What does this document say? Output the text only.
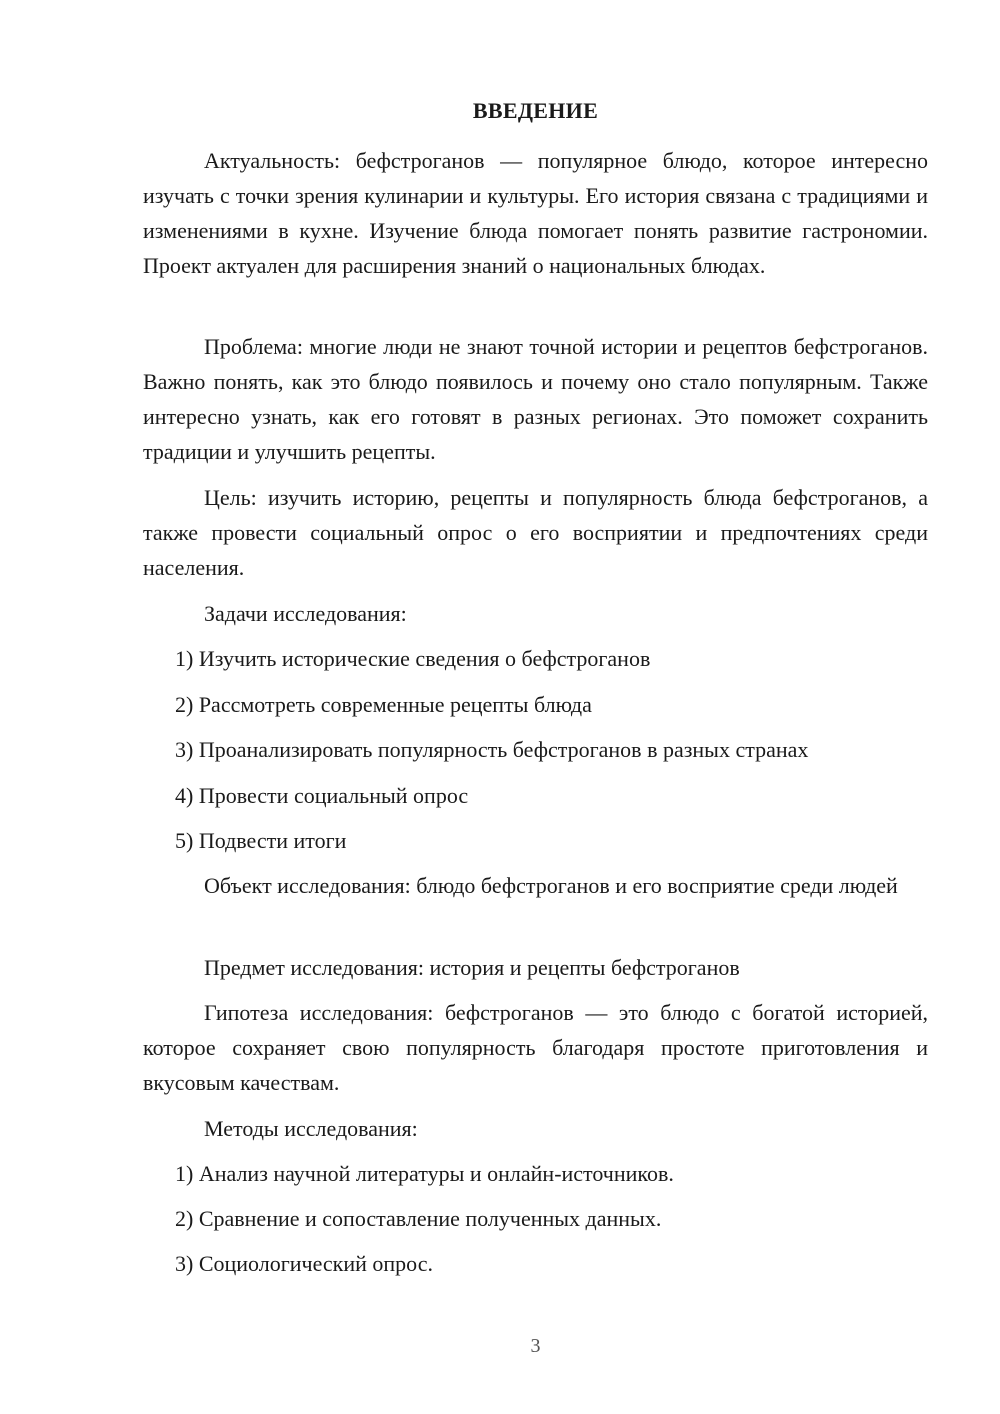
ВВЕДЕНИЕ

Актуальность: бефстроганов — популярное блюдо, которое интересно изучать с точки зрения кулинарии и культуры. Его история связана с традициями и изменениями в кухне. Изучение блюда помогает понять развитие гастрономии. Проект актуален для расширения знаний о национальных блюдах.

Проблема: многие люди не знают точной истории и рецептов бефстроганов. Важно понять, как это блюдо появилось и почему оно стало популярным. Также интересно узнать, как его готовят в разных регионах. Это поможет сохранить традиции и улучшить рецепты.

Цель: изучить историю, рецепты и популярность блюда бефстроганов, а также провести социальный опрос о его восприятии и предпочтениях среди населения.

Задачи исследования:

1) Изучить исторические сведения о бефстроганов

2) Рассмотреть современные рецепты блюда

3) Проанализировать популярность бефстроганов в разных странах

4) Провести социальный опрос

5) Подвести итоги

Объект исследования: блюдо бефстроганов и его восприятие среди людей

Предмет исследования: история и рецепты бефстроганов

Гипотеза исследования: бефстроганов — это блюдо с богатой историей, которое сохраняет свою популярность благодаря простоте приготовления и вкусовым качествам.

Методы исследования:

1) Анализ научной литературы и онлайн-источников.

2) Сравнение и сопоставление полученных данных.

3) Социологический опрос.

3
